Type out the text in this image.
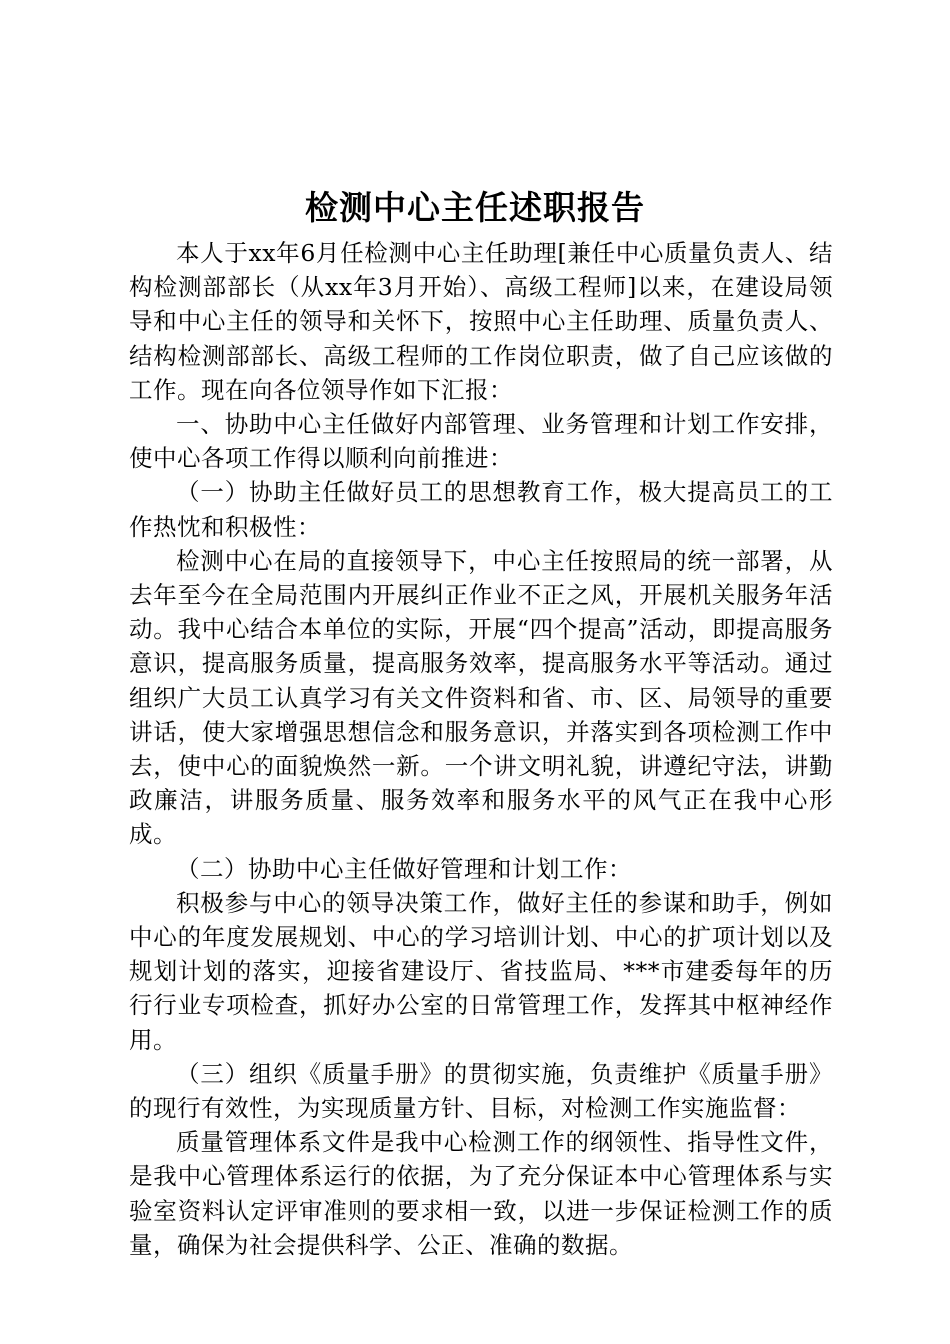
检测中心主任述职报告

本人于xx年6月任检测中心主任助理[兼任中心质量负责人、结构检测部部长（从xx年3月开始）、高级工程师]以来，在建设局领导和中心主任的领导和关怀下，按照中心主任助理、质量负责人、结构检测部部长、高级工程师的工作岗位职责，做了自己应该做的工作。现在向各位领导作如下汇报：

一、协助中心主任做好内部管理、业务管理和计划工作安排，使中心各项工作得以顺利向前推进：

（一）协助主任做好员工的思想教育工作，极大提高员工的工作热忱和积极性：

检测中心在局的直接领导下，中心主任按照局的统一部署，从去年至今在全局范围内开展纠正作业不正之风，开展机关服务年活动。我中心结合本单位的实际，开展“四个提高”活动，即提高服务意识，提高服务质量，提高服务效率，提高服务水平等活动。通过组织广大员工认真学习有关文件资料和省、市、区、局领导的重要讲话，使大家增强思想信念和服务意识，并落实到各项检测工作中去，使中心的面貌焕然一新。一个讲文明礼貌，讲遵纪守法，讲勤政廉洁，讲服务质量、服务效率和服务水平的风气正在我中心形成。

（二）协助中心主任做好管理和计划工作：

积极参与中心的领导决策工作，做好主任的参谋和助手，例如中心的年度发展规划、中心的学习培训计划、中心的扩项计划以及规划计划的落实，迎接省建设厅、省技监局、***市建委每年的历行行业专项检查，抓好办公室的日常管理工作，发挥其中枢神经作用。

（三）组织《质量手册》的贯彻实施，负责维护《质量手册》的现行有效性，为实现质量方针、目标，对检测工作实施监督：

质量管理体系文件是我中心检测工作的纲领性、指导性文件，是我中心管理体系运行的依据，为了充分保证本中心管理体系与实验室资料认定评审准则的要求相一致，以进一步保证检测工作的质量，确保为社会提供科学、公正、准确的数据。
